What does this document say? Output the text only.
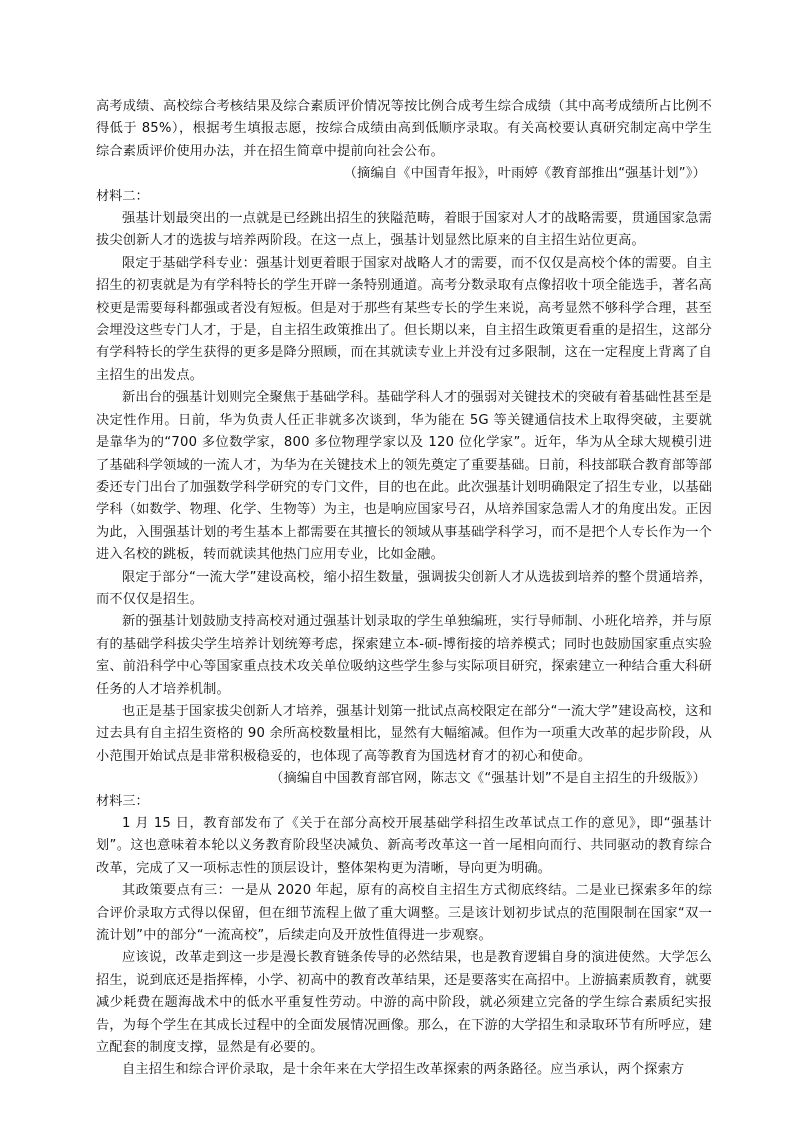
高考成绩、高校综合考核结果及综合素质评价情况等按比例合成考生综合成绩（其中高考成绩所占比例不得低于 85%），根据考生填报志愿，按综合成绩由高到低顺序录取。有关高校要认真研究制定高中学生综合素质评价使用办法，并在招生简章中提前向社会公布。

（摘编自《中国青年报》，叶雨婷《教育部推出“强基计划”》）

材料二：

强基计划最突出的一点就是已经跳出招生的狭隘范畴，着眼于国家对人才的战略需要，贯通国家急需拔尖创新人才的选拔与培养两阶段。在这一点上，强基计划显然比原来的自主招生站位更高。

限定于基础学科专业：强基计划更着眼于国家对战略人才的需要，而不仅仅是高校个体的需要。自主招生的初衷就是为有学科特长的学生开辟一条特别通道。高考分数录取有点像招收十项全能选手，著名高校更是需要每科都强或者没有短板。但是对于那些有某些专长的学生来说，高考显然不够科学合理，甚至会埋没这些专门人才，于是，自主招生政策推出了。但长期以来，自主招生政策更看重的是招生，这部分有学科特长的学生获得的更多是降分照顾，而在其就读专业上并没有过多限制，这在一定程度上背离了自主招生的出发点。

新出台的强基计划则完全聚焦于基础学科。基础学科人才的强弱对关键技术的突破有着基础性甚至是决定性作用。日前，华为负责人任正非就多次谈到，华为能在 5G 等关键通信技术上取得突破，主要就是靠华为的“700 多位数学家，800 多位物理学家以及 120 位化学家”。近年，华为从全球大规模引进了基础科学领域的一流人才，为华为在关键技术上的领先奠定了重要基础。日前，科技部联合教育部等部委还专门出台了加强数学科学研究的专门文件，目的也在此。此次强基计划明确限定了招生专业，以基础学科（如数学、物理、化学、生物等）为主，也是响应国家号召，从培养国家急需人才的角度出发。正因为此，入围强基计划的考生基本上都需要在其擅长的领域从事基础学科学习，而不是把个人专长作为一个进入名校的跳板，转而就读其他热门应用专业，比如金融。

限定于部分“一流大学”建设高校，缩小招生数量，强调拔尖创新人才从选拔到培养的整个贯通培养，而不仅仅是招生。

新的强基计划鼓励支持高校对通过强基计划录取的学生单独编班，实行导师制、小班化培养，并与原有的基础学科拔尖学生培养计划统筹考虑，探索建立本-硕-博衔接的培养模式；同时也鼓励国家重点实验室、前沿科学中心等国家重点技术攻关单位吸纳这些学生参与实际项目研究，探索建立一种结合重大科研任务的人才培养机制。

也正是基于国家拔尖创新人才培养，强基计划第一批试点高校限定在部分“一流大学”建设高校，这和过去具有自主招生资格的 90 余所高校数量相比，显然有大幅缩减。但作为一项重大改革的起步阶段，从小范围开始试点是非常积极稳妥的，也体现了高等教育为国选材育才的初心和使命。

（摘编自中国教育部官网，陈志文《“强基计划”不是自主招生的升级版》）

材料三：

1 月 15 日，教育部发布了《关于在部分高校开展基础学科招生改革试点工作的意见》，即“强基计划”。这也意味着本轮以义务教育阶段坚决减负、新高考改革这一首一尾相向而行、共同驱动的教育综合改革，完成了又一项标志性的顶层设计，整体架构更为清晰，导向更为明确。

其政策要点有三：一是从 2020 年起，原有的高校自主招生方式彻底终结。二是业已探索多年的综合评价录取方式得以保留，但在细节流程上做了重大调整。三是该计划初步试点的范围限制在国家“双一流计划”中的部分“一流高校”，后续走向及开放性值得进一步观察。

应该说，改革走到这一步是漫长教育链条传导的必然结果，也是教育逻辑自身的演进使然。大学怎么招生，说到底还是指挥棒，小学、初高中的教育改革结果，还是要落实在高招中。上游搞素质教育，就要减少耗费在题海战术中的低水平重复性劳动。中游的高中阶段，就必须建立完备的学生综合素质纪实报告，为每个学生在其成长过程中的全面发展情况画像。那么，在下游的大学招生和录取环节有所呼应，建立配套的制度支撑，显然是有必要的。

自主招生和综合评价录取，是十余年来在大学招生改革探索的两条路径。应当承认，两个探索方
